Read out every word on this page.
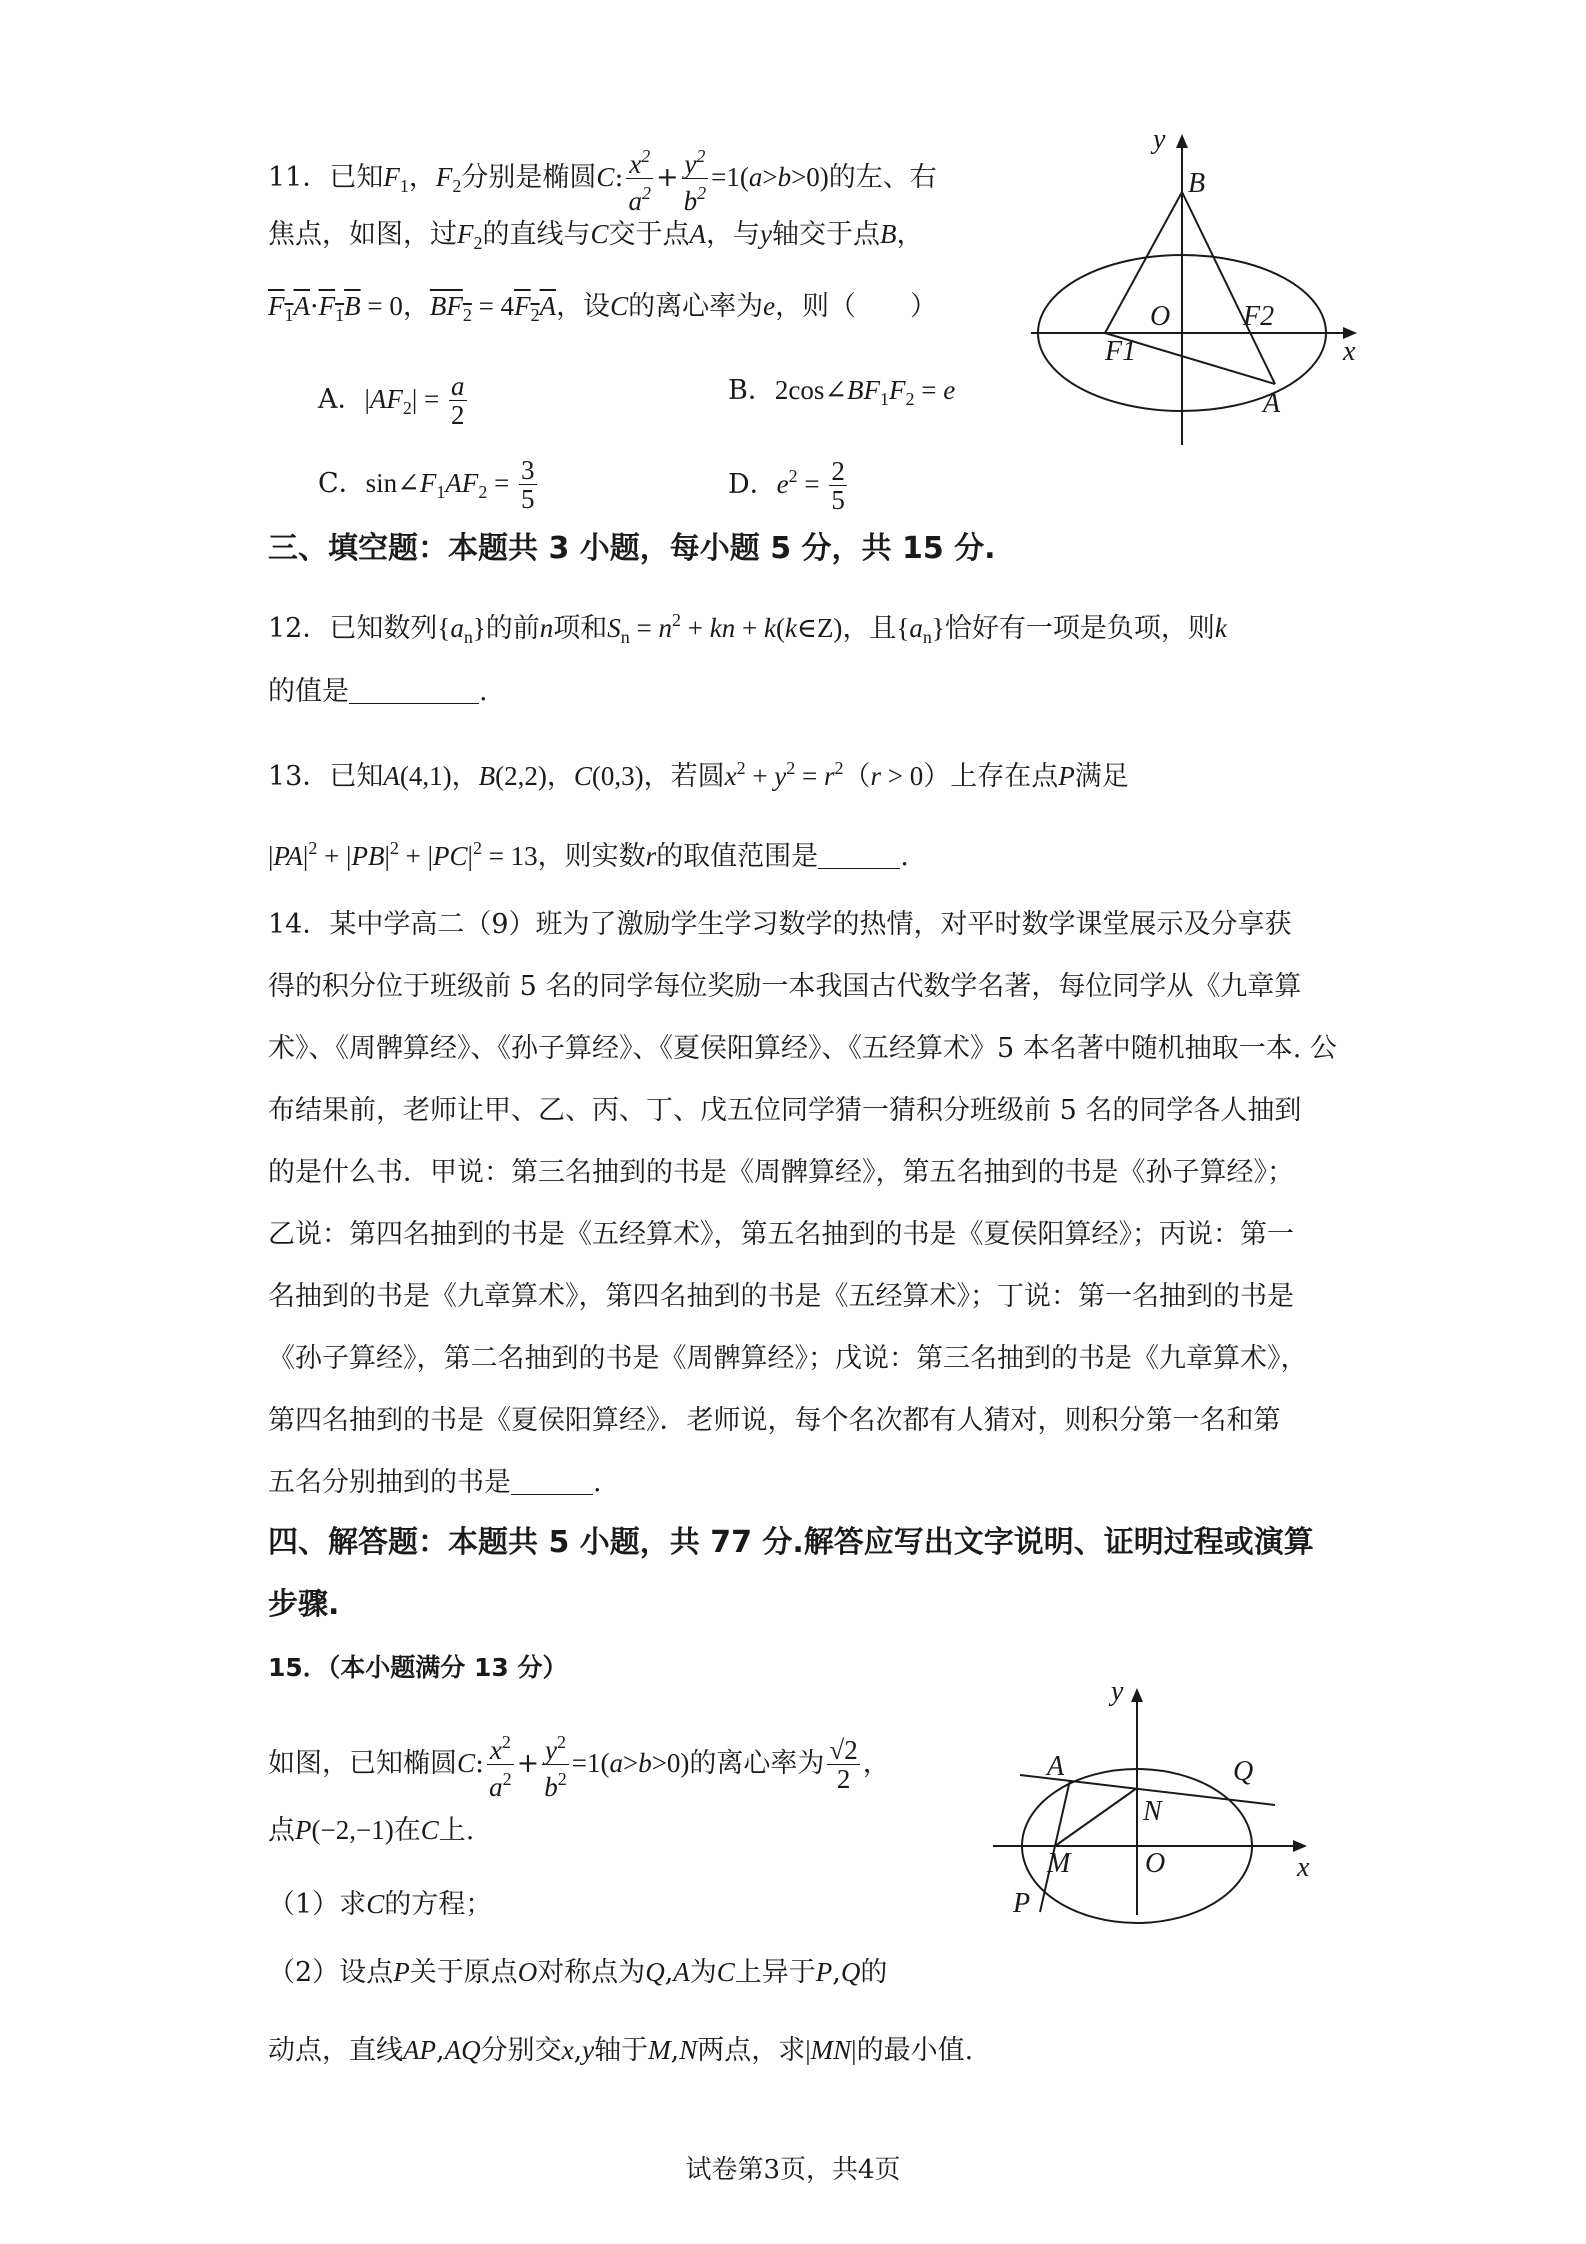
11．已知$F_1$，$F_2$分别是椭圆C: $\frac{x^2}{a^2} + \frac{y^2}{b^2} =1(a>b>0)$的左、右
焦点，如图，过$F_2$的直线与C交于点A，与y轴交于点B，
$F_1A\cdot F_1B = 0$，$BF_2 = 4F_2A$，设C的离心率为e，则（　　）
A．$|AF_2| = \frac{a}{2}$	B．$2\cos\angle BF_1F_2 = e$
C．$\sin\angle F_1AF_2 = \frac{3}{5}$	D．$e^2 = \frac{2}{5}$
y
B
O	F2
F1	x
A
三、填空题：本题共 3 小题，每小题 5 分，共 15 分.
12．已知数列$\{a_n\}$的前n项和$S_n = n^2$ + kn + k(k∈Z)，且$\{a_n\}$恰好有一项是负项，则k
的值是	.
13．已知A(4,1)，B(2,2)，C(0,3)，若圆$x^2 + y^2 = r^2(r > 0)$上存在点P满足
$|PA|^2 + |PB|^2 + |PC|^2 = 13$，则实数r的取值范围是	.
14．某中学高二（9）班为了激励学生学习数学的热情，对平时数学课堂展示及分享获
得的积分位于班级前 5 名的同学每位奖励一本我国古代数学名著，每位同学从《九章算
术》、《周髀算经》、《孙子算经》、《夏侯阳算经》、《五经算术》5 本名著中随机抽取一本. 公
布结果前，老师让甲、乙、丙、丁、戊五位同学猜一猜积分班级前 5 名的同学各人抽到
的是什么书．甲说：第三名抽到的书是《周髀算经》，第五名抽到的书是《孙子算经》；
乙说：第四名抽到的书是《五经算术》，第五名抽到的书是《夏侯阳算经》；丙说：第一
名抽到的书是《九章算术》，第四名抽到的书是《五经算术》；丁说：第一名抽到的书是
《孙子算经》，第二名抽到的书是《周髀算经》；戊说：第三名抽到的书是《九章算术》，
第四名抽到的书是《夏侯阳算经》．老师说，每个名次都有人猜对，则积分第一名和第
五名分别抽到的书是	.
四、解答题：本题共 5 小题，共 77 分.解答应写出文字说明、证明过程或演算
步骤.
15．（本小题满分 13 分）
如图，已知椭圆C: $\frac{x^2}{a^2} + \frac{y^2}{b^2} =1(a>b>0)$的离心率为 $\frac{√2}{2}$ ，
点P(−2,−1)在C上.
（1）求C的方程；
（2）设点P关于原点O对称点为Q,A为C上异于P,Q的
动点，直线AP,AQ分别交x,y轴于M,N两点，求|MN|的最小值.
y
A	Q
N
M	O	x
P
试卷第3页，共4页
